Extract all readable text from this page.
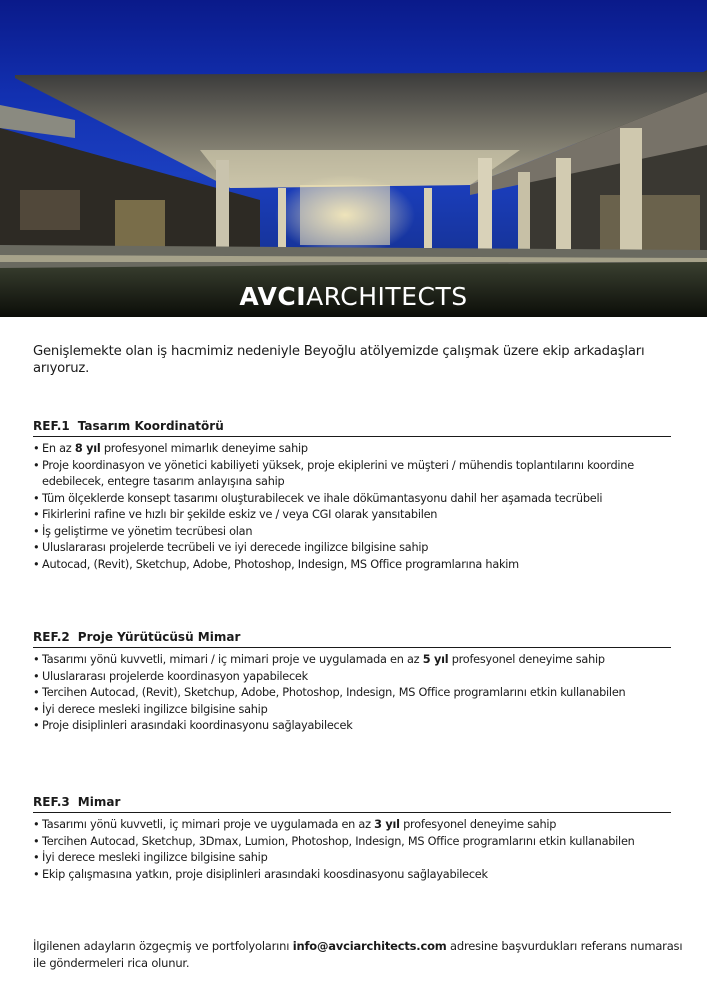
AVCIARCHITECTS

Genişlemekte olan iş hacmimiz nedeniyle Beyoğlu atölyemizde çalışmak üzere ekip arkadaşları arıyoruz.

REF.1 Tasarım Koordinatörü
• En az 8 yıl profesyonel mimarlık deneyime sahip
• Proje koordinasyon ve yönetici kabiliyeti yüksek, proje ekiplerini ve müşteri / mühendis toplantılarını koordine edebilecek, entegre tasarım anlayışına sahip
• Tüm ölçeklerde konsept tasarımı oluşturabilecek ve ihale dökümantasyonu dahil her aşamada tecrübeli
• Fikirlerini rafine ve hızlı bir şekilde eskiz ve / veya CGI olarak yansıtabilen
• İş geliştirme ve yönetim tecrübesi olan
• Uluslararası projelerde tecrübeli ve iyi derecede ingilizce bilgisine sahip
• Autocad, (Revit), Sketchup, Adobe, Photoshop, Indesign, MS Office programlarına hakim
REF.2 Proje Yürütücüsü Mimar
• Tasarımı yönü kuvvetli, mimari / iç mimari proje ve uygulamada en az 5 yıl profesyonel deneyime sahip
• Uluslararası projelerde koordinasyon yapabilecek
• Tercihen Autocad, (Revit), Sketchup, Adobe, Photoshop, Indesign, MS Office programlarını etkin kullanabilen
• İyi derece mesleki ingilizce bilgisine sahip
• Proje disiplinleri arasındaki koordinasyonu sağlayabilecek
REF.3 Mimar
• Tasarımı yönü kuvvetli, iç mimari proje ve uygulamada en az 3 yıl profesyonel deneyime sahip
• Tercihen Autocad, Sketchup, 3Dmax, Lumion, Photoshop, Indesign, MS Office programlarını etkin kullanabilen
• İyi derece mesleki ingilizce bilgisine sahip
• Ekip çalışmasına yatkın, proje disiplinleri arasındaki koosdinasyonu sağlayabilecek

İlgilenen adayların özgeçmiş ve portfolyolarını info@avciarchitects.com adresine başvurdukları referans numarası ile göndermeleri rica olunur.
